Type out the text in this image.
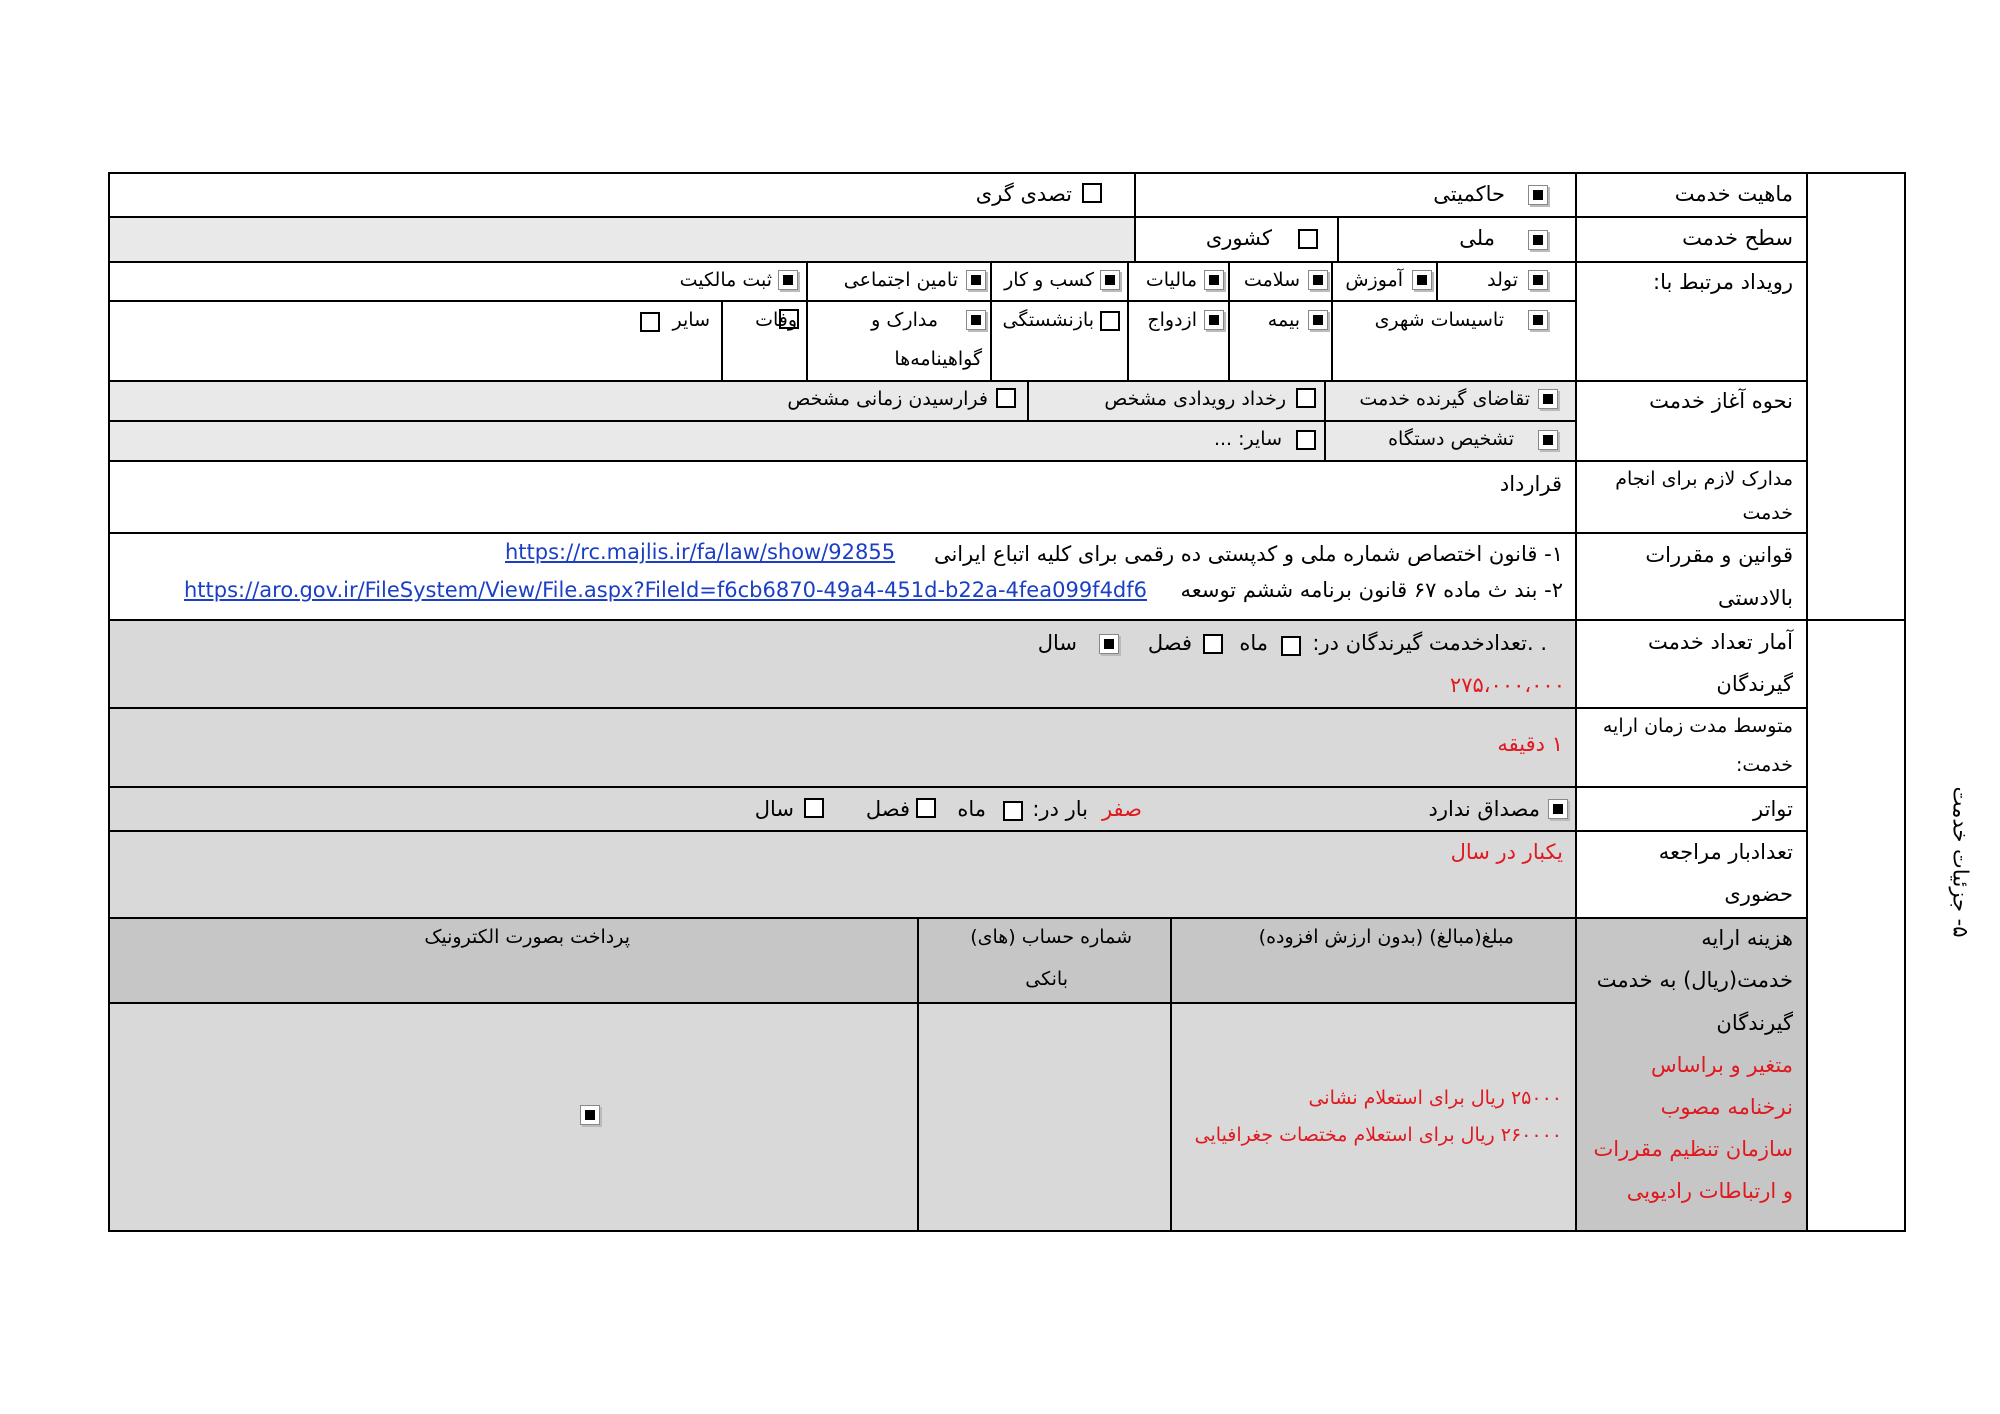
ماهیت خدمت
سطح خدمت
رویداد مرتبط با:
نحوه آغاز خدمت
مدارک لازم برای انجام
خدمت
قوانین و مقررات
بالادستی
آمار تعداد خدمت
گیرندگان
متوسط مدت زمان ارایه
خدمت:
تواتر
تعدادبار مراجعه
حضوری
هزینه ارایه
خدمت(ریال) به خدمت
گیرندگان
متغیر و براساس
نرخنامه مصوب
سازمان تنظیم مقررات
و ارتباطات رادیویی
۵- جزئیات خدمت
حاکمیتی
تصدی گری
ملی
کشوری
تولد
آموزش
سلامت
مالیات
کسب و کار
تامین اجتماعی
ثبت مالکیت
تاسیسات شهری
بیمه
ازدواج
بازنشستگی
مدارک و
گواهینامه‌ها
وفات
سایر
تقاضای گیرنده خدمت
رخداد رویدادی مشخص
فرارسیدن زمانی مشخص
تشخیص دستگاه
سایر: ...
قرارداد
۱- قانون اختصاص شماره ملی و کدپستی ده رقمی برای کلیه اتباع ایرانی
https://rc.majlis.ir/fa/law/show/92855
۲- بند ث ماده ۶۷ قانون برنامه ششم توسعه
https://aro.gov.ir/FileSystem/View/File.aspx?FileId=f6cb6870-49a4-451d-b22a-4fea099f4df6
. .تعدادخدمت گیرندگان در:
ماه
فصل
سال
۲۷۵،۰۰۰،۰۰۰
۱ دقیقه
مصداق ندارد
صفر
بار در:
ماه
فصل
سال
یکبار در سال
مبلغ(مبالغ) (بدون ارزش افزوده)
شماره حساب (های)
بانکی
پرداخت بصورت الکترونیک
۲۵۰۰۰ ریال برای استعلام نشانی
۲۶۰۰۰۰ ریال برای استعلام مختصات جغرافیایی
